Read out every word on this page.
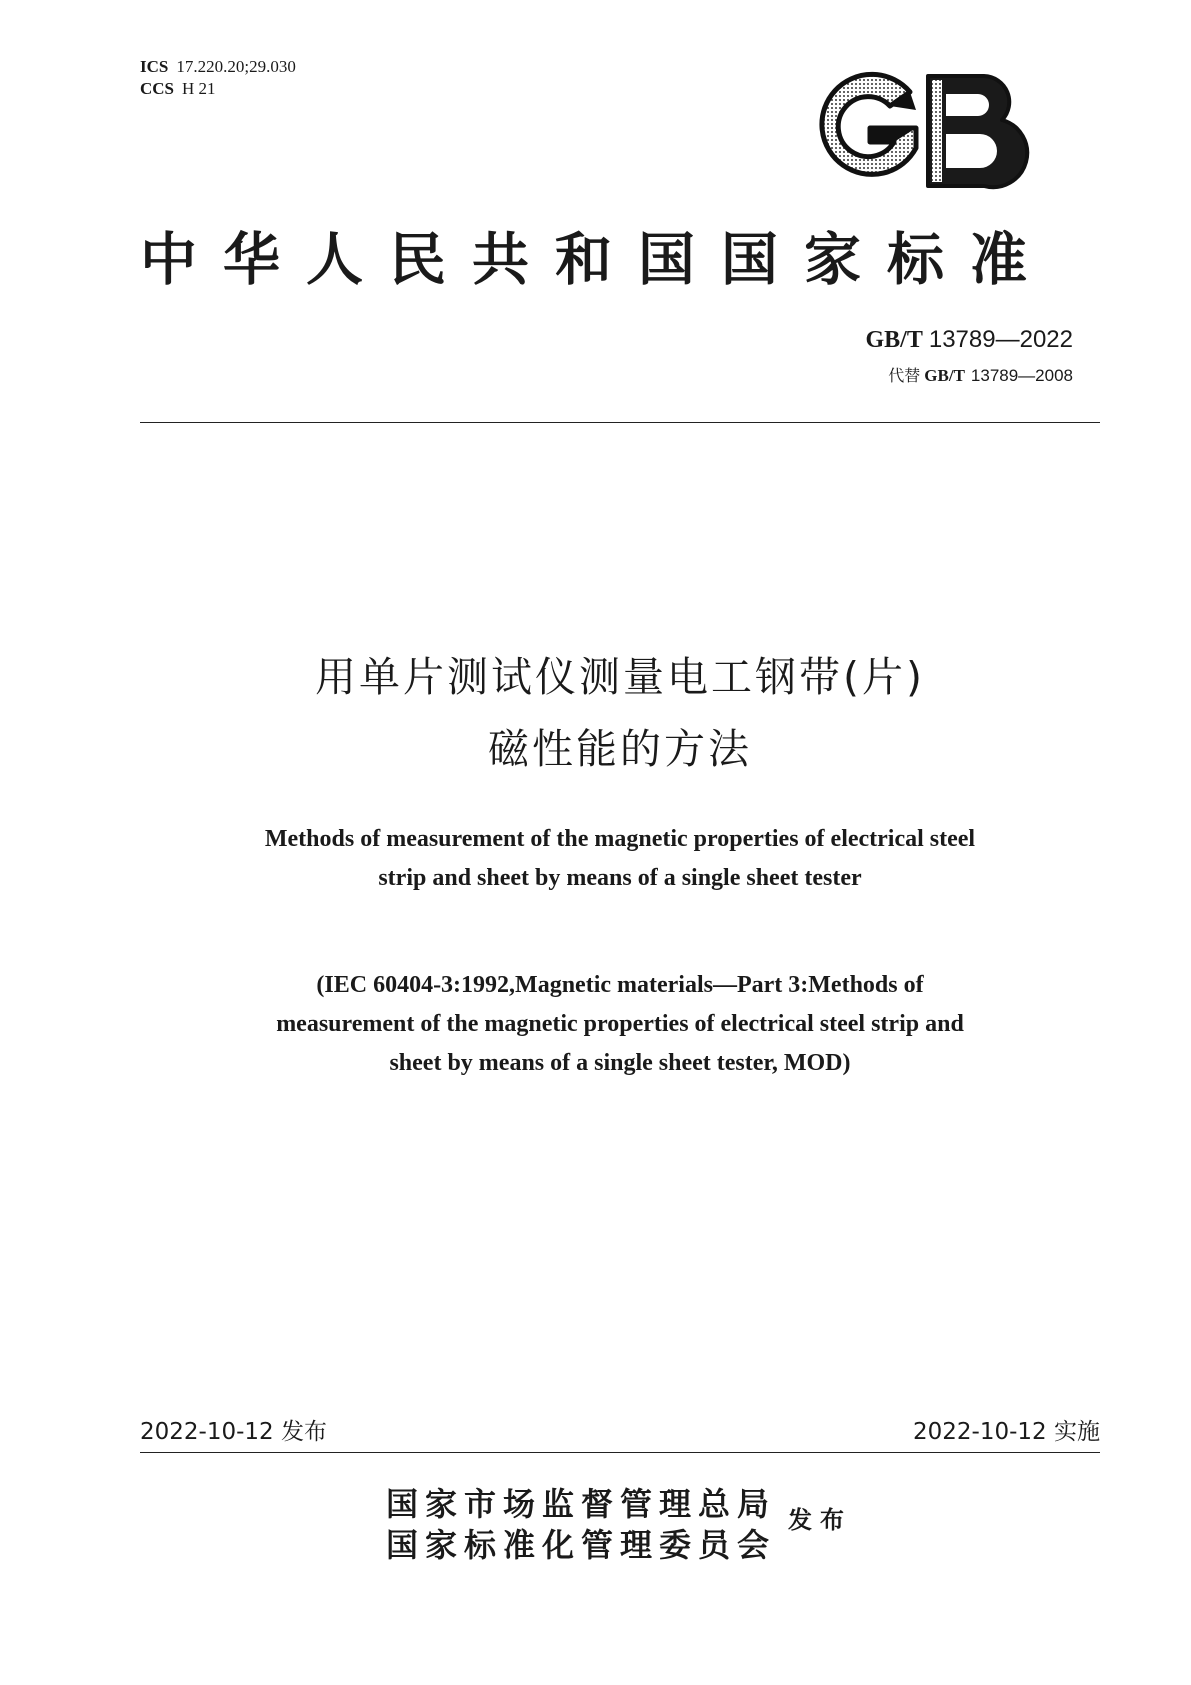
ICS 17.220.20;29.030
CCS H 21
中华人民共和国国家标准
GB/T 13789—2022
代替 GB/T 13789—2008
用单片测试仪测量电工钢带(片)
磁性能的方法
Methods of measurement of the magnetic properties of electrical steel
strip and sheet by means of a single sheet tester
(IEC 60404-3:1992,Magnetic materials—Part 3:Methods of
measurement of the magnetic properties of electrical steel strip and
sheet by means of a single sheet tester, MOD)
2022-10-12 发布	2022-10-12 实施
国家市场监督管理总局
国家标准化管理委员会
发布
